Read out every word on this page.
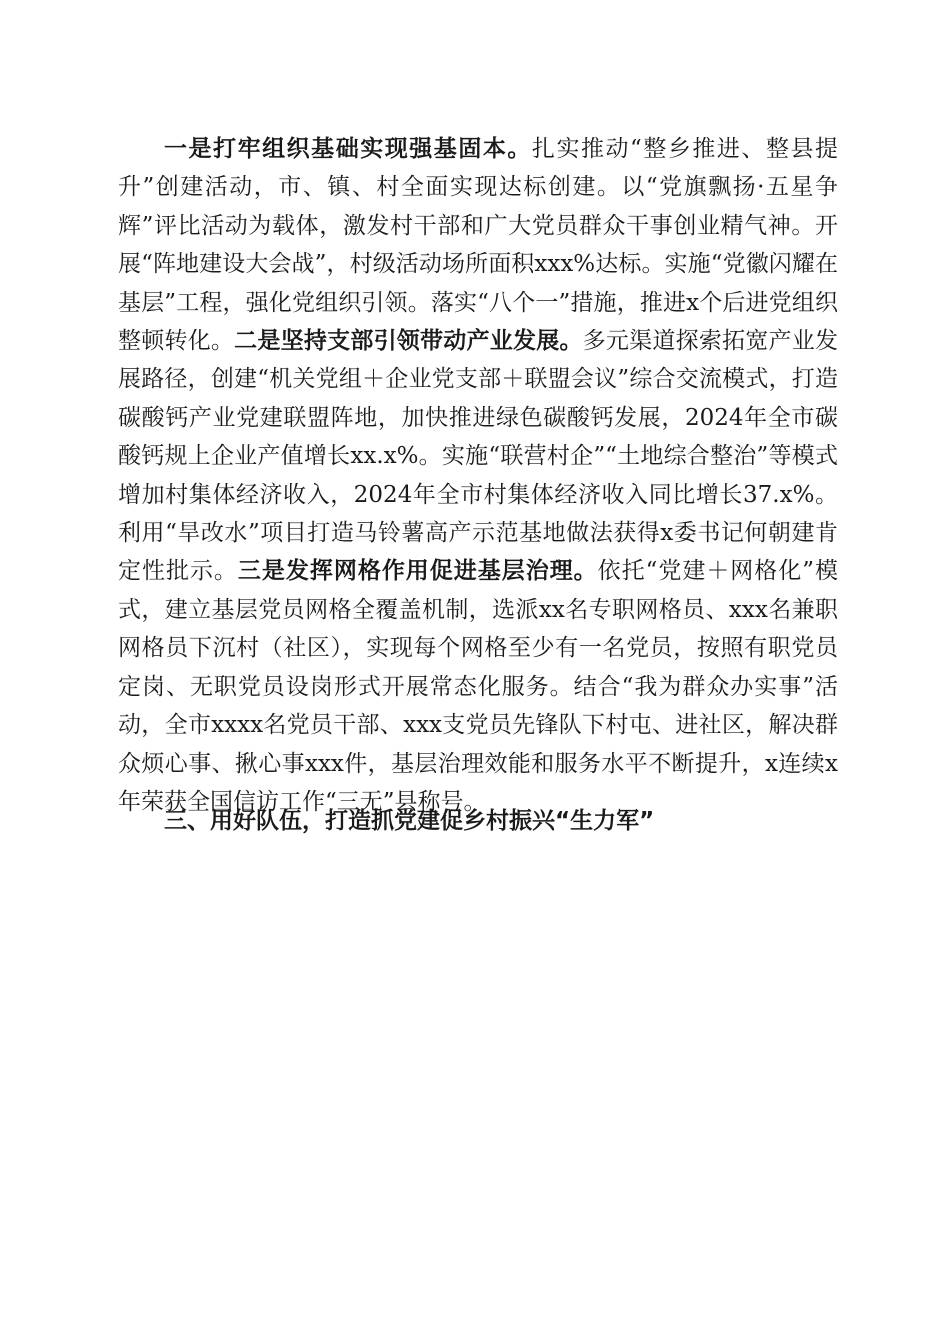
一是打牢组织基础实现强基固本。扎实推动“整乡推进、整县提升”创建活动，市、镇、村全面实现达标创建。以“党旗飘扬·五星争辉”评比活动为载体，激发村干部和广大党员群众干事创业精气神。开展“阵地建设大会战”，村级活动场所面积xxx%达标。实施“党徽闪耀在基层”工程，强化党组织引领。落实“八个一”措施，推进x个后进党组织整顿转化。二是坚持支部引领带动产业发展。多元渠道探索拓宽产业发展路径，创建“机关党组＋企业党支部＋联盟会议”综合交流模式，打造碳酸钙产业党建联盟阵地，加快推进绿色碳酸钙发展，2024年全市碳酸钙规上企业产值增长xx.x%。实施“联营村企”“土地综合整治”等模式增加村集体经济收入，2024年全市村集体经济收入同比增长37.x%。利用“旱改水”项目打造马铃薯高产示范基地做法获得x委书记何朝建肯定性批示。三是发挥网格作用促进基层治理。依托“党建＋网格化”模式，建立基层党员网格全覆盖机制，选派xx名专职网格员、xxx名兼职网格员下沉村（社区），实现每个网格至少有一名党员，按照有职党员定岗、无职党员设岗形式开展常态化服务。结合“我为群众办实事”活动，全市xxxx名党员干部、xxx支党员先锋队下村屯、进社区，解决群众烦心事、揪心事xxx件，基层治理效能和服务水平不断提升，x连续x年荣获全国信访工作“三无”县称号。

三、用好队伍，打造抓党建促乡村振兴“生力军”
